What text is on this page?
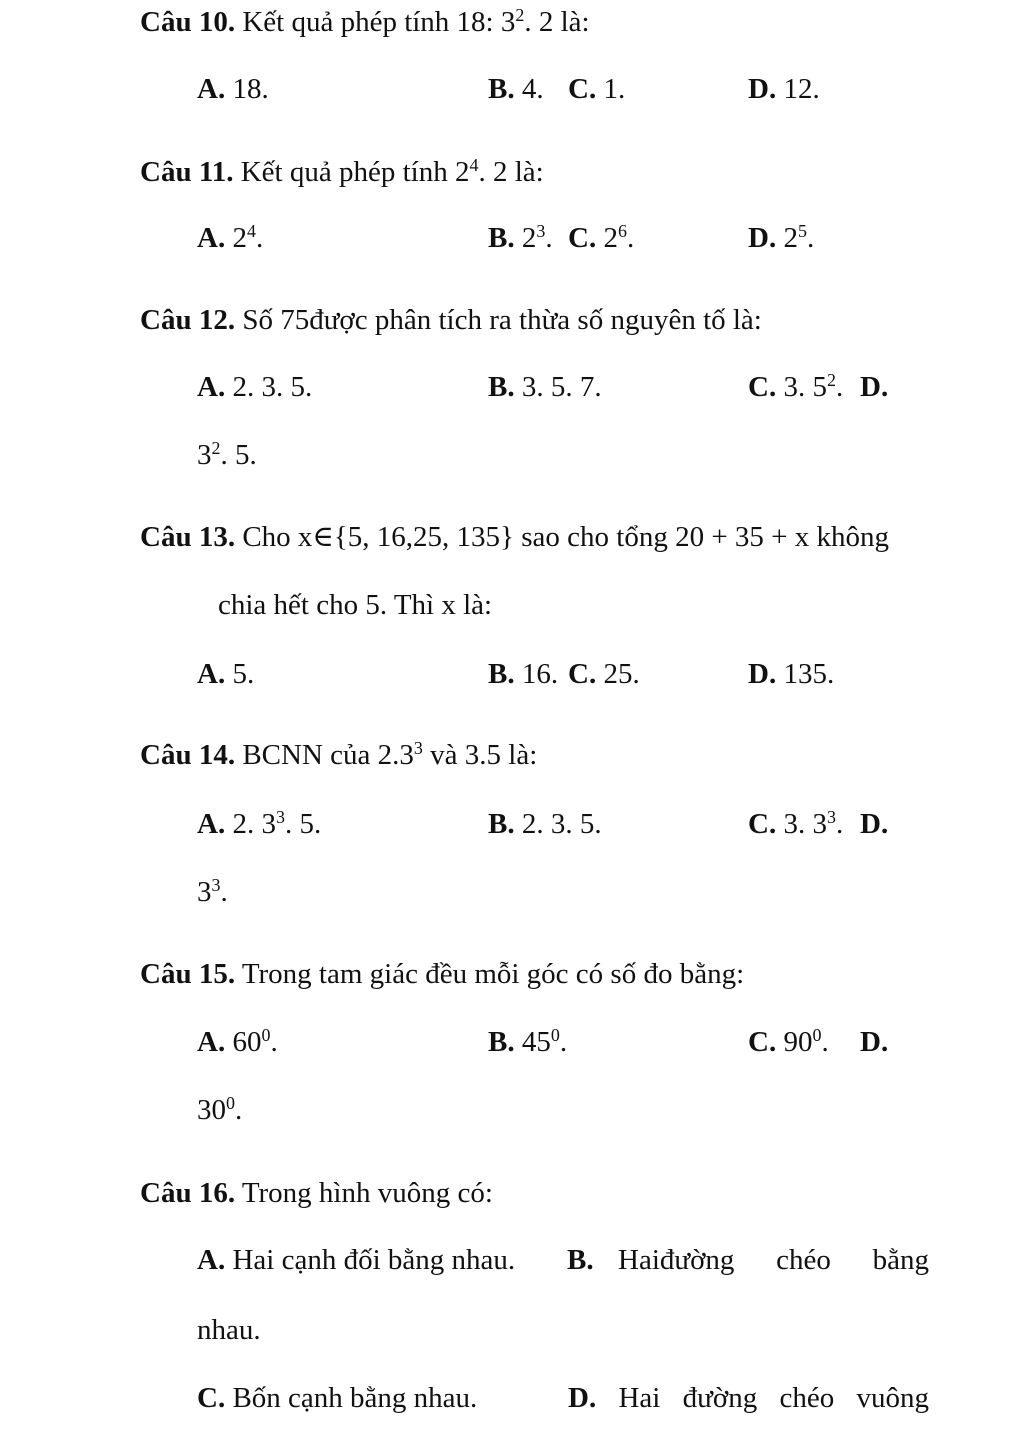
Câu 10. Kết quả phép tính 18: $3^2$. 2 là:
A. 18.	B. 4. C. 1.	D. 12.
Câu 11. Kết quả phép tính $2^4$. 2 là:
A. $2^4$.	B. $2^3$. C. $2^6$.	D. $2^5$.
Câu 12. Số 75được phân tích ra thừa số nguyên tố là:
A. 2. 3. 5.	B. 3. 5. 7.	C. 3. $5^2$. D.
$3^2$. 5.
Câu 13. Cho x∈{5, 16,25, 135} sao cho tổng 20 + 35 + x không
chia hết cho 5. Thì x là:
A. 5.	B. 16. C. 25.	D. 135.
Câu 14. BCNN của $2.3^3$ và 3.5 là:
A. 2. $3^3$. 5.	B. 2. 3. 5.	C. 3. $3^3$. D.
$3^3$.
Câu 15. Trong tam giác đều mỗi góc có số đo bằng:
A. $60^0$.	B. $45^0$.	C. $90^0$. D.
$30^0$.
Câu 16. Trong hình vuông có:
A. Hai cạnh đối bằng nhau. B. Haiđường chéo bằng
nhau.
C. Bốn cạnh bằng nhau.	D. Hai đường chéo vuông
